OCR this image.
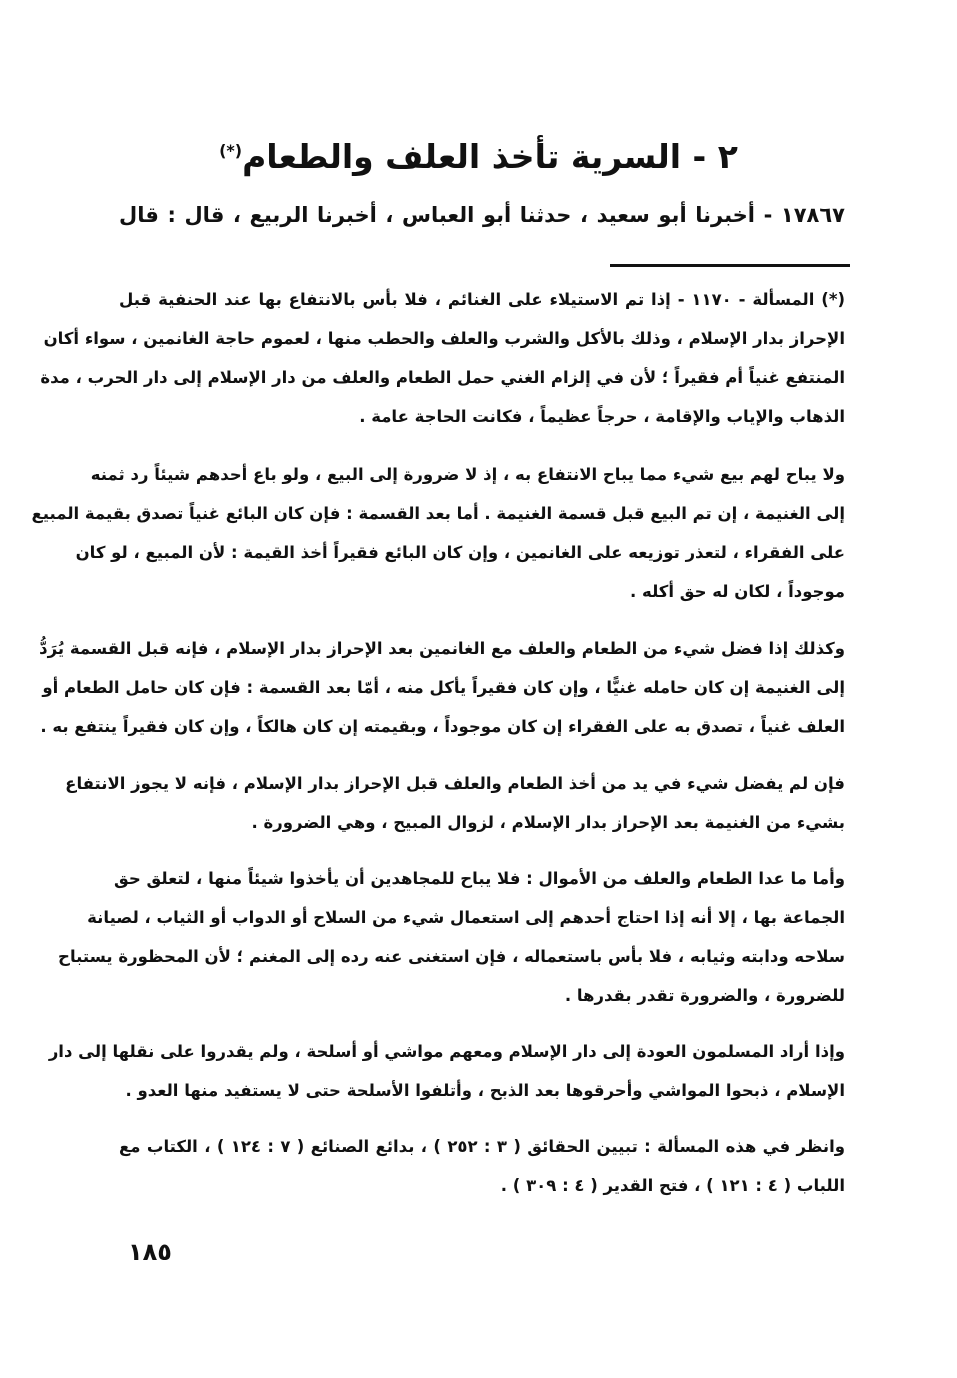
٢ - السرية تأخذ العلف والطعام(*)
١٧٨٦٧ - أخبرنا أبو سعيد ، حدثنا أبو العباس ، أخبرنا الربيع ، قال : قال
(*) المسألة - ١١٧٠ - إذا تم الاستيلاء على الغنائم ، فلا بأس بالانتفاع بها عند الحنفية قبل
الإحراز بدار الإسلام ، وذلك بالأكل والشرب والعلف والحطب منها ، لعموم حاجة الغانمين ، سواء أكان
المنتفع غنياً أم فقيراً ؛ لأن في إلزام الغني حمل الطعام والعلف من دار الإسلام إلى دار الحرب ، مدة
الذهاب والإياب والإقامة ، حرجاً عظيماً ، فكانت الحاجة عامة .
ولا يباح لهم بيع شيء مما يباح الانتفاع به ، إذ لا ضرورة إلى البيع ، ولو باع أحدهم شيئاً رد ثمنه
إلى الغنيمة ، إن تم البيع قبل قسمة الغنيمة . أما بعد القسمة : فإن كان البائع غنياً تصدق بقيمة المبيع
على الفقراء ، لتعذر توزيعه على الغانمين ، وإن كان البائع فقيراً أخذ القيمة : لأن المبيع ، لو كان
موجوداً ، لكان له حق أكله .
وكذلك إذا فضل شيء من الطعام والعلف مع الغانمين بعد الإحراز بدار الإسلام ، فإنه قبل القسمة يُرَدُّ
إلى الغنيمة إن كان حامله غنيًّا ، وإن كان فقيراً يأكل منه ، أمّا بعد القسمة : فإن كان حامل الطعام أو
العلف غنياً ، تصدق به على الفقراء إن كان موجوداً ، وبقيمته إن كان هالكاً ، وإن كان فقيراً ينتفع به .
فإن لم يفضل شيء في يد من أخذ الطعام والعلف قبل الإحراز بدار الإسلام ، فإنه لا يجوز الانتفاع
بشيء من الغنيمة بعد الإحراز بدار الإسلام ، لزوال المبيح ، وهي الضرورة .
وأما ما عدا الطعام والعلف من الأموال : فلا يباح للمجاهدين أن يأخذوا شيئاً منها ، لتعلق حق
الجماعة بها ، إلا أنه إذا احتاج أحدهم إلى استعمال شيء من السلاح أو الدواب أو الثياب ، لصيانة
سلاحه ودابته وثيابه ، فلا بأس باستعماله ، فإن استغنى عنه رده إلى المغنم ؛ لأن المحظورة يستباح
للضرورة ، والضرورة تقدر بقدرها .
وإذا أراد المسلمون العودة إلى دار الإسلام ومعهم مواشي أو أسلحة ، ولم يقدروا على نقلها إلى دار
الإسلام ، ذبحوا المواشي وأحرقوها بعد الذبح ، وأتلفوا الأسلحة حتى لا يستفيد منها العدو .
وانظر في هذه المسألة : تبيين الحقائق ( ٣ : ٢٥٢ ) ، بدائع الصنائع ( ٧ : ١٢٤ ) ، الكتاب مع
اللباب ( ٤ : ١٢١ ) ، فتح القدير ( ٤ : ٣٠٩ ) .
١٨٥
